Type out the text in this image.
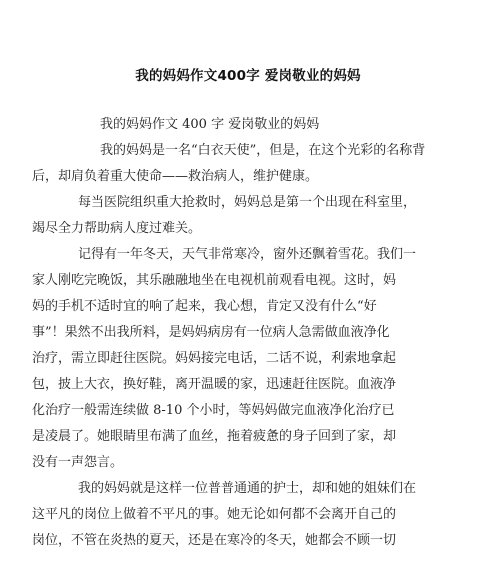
我的妈妈作文400字 爱岗敬业的妈妈
我的妈妈作文 400 字 爱岗敬业的妈妈
我的妈妈是一名“白衣天使”，但是，在这个光彩的名称背
后，却肩负着重大使命——救治病人，维护健康。
每当医院组织重大抢救时，妈妈总是第一个出现在科室里，
竭尽全力帮助病人度过难关。
记得有一年冬天，天气非常寒冷，窗外还飘着雪花。我们一
家人刚吃完晚饭，其乐融融地坐在电视机前观看电视。这时，妈
妈的手机不适时宜的响了起来，我心想，肯定又没有什么“好
事”！果然不出我所料，是妈妈病房有一位病人急需做血液净化
治疗，需立即赶往医院。妈妈接完电话，二话不说，利索地拿起
包，披上大衣，换好鞋，离开温暖的家，迅速赶往医院。血液净
化治疗一般需连续做 8-10 个小时，等妈妈做完血液净化治疗已
是凌晨了。她眼睛里布满了血丝，拖着疲惫的身子回到了家，却
没有一声怨言。
我的妈妈就是这样一位普普通通的护士，却和她的姐妹们在
这平凡的岗位上做着不平凡的事。她无论如何都不会离开自己的
岗位，不管在炎热的夏天，还是在寒冷的冬天，她都会不顾一切
